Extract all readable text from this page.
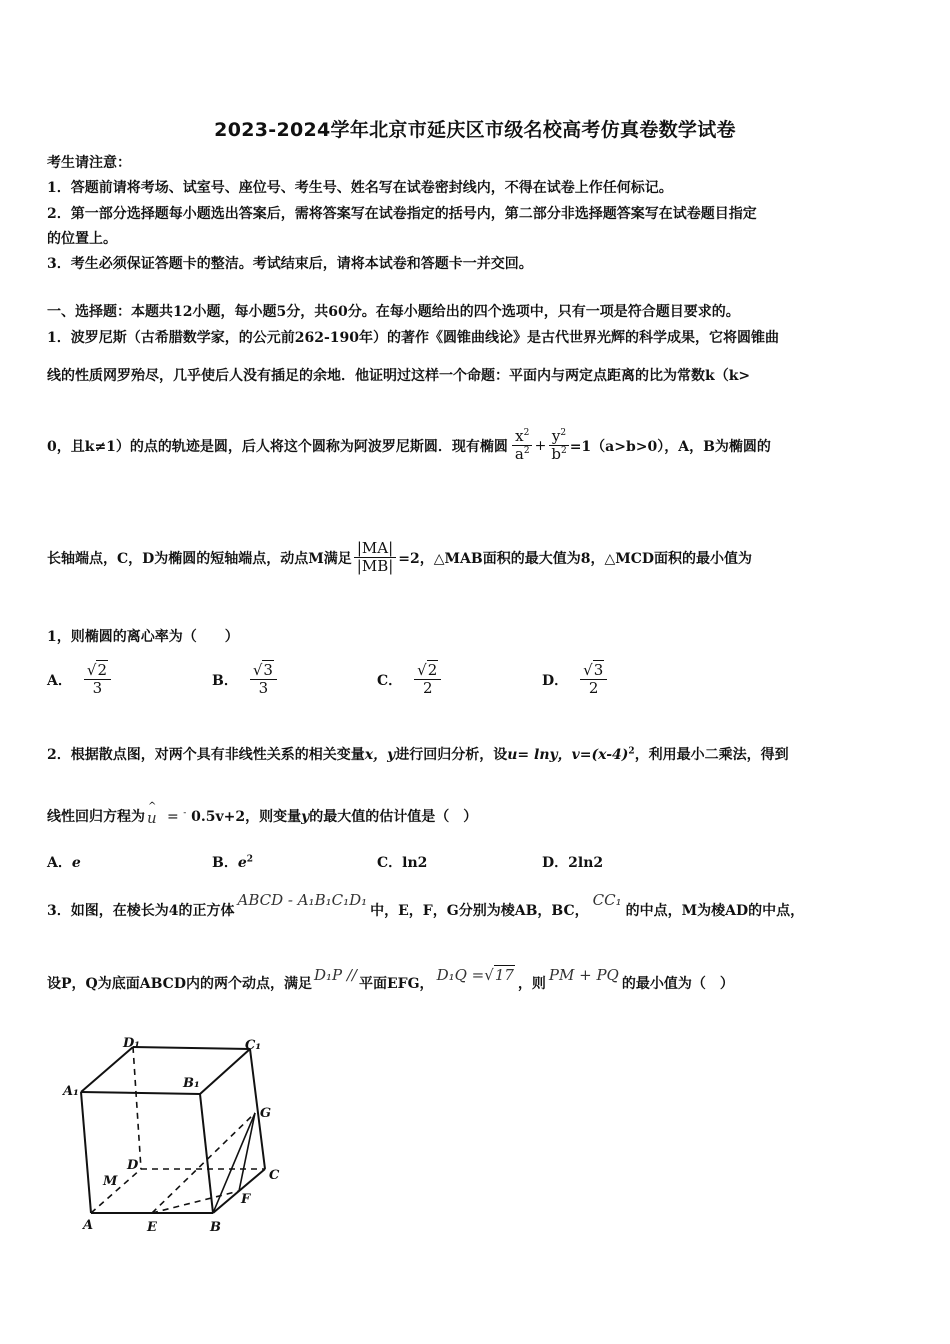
2023-2024学年北京市延庆区市级名校高考仿真卷数学试卷
考生请注意：
1．答题前请将考场、试室号、座位号、考生号、姓名写在试卷密封线内，不得在试卷上作任何标记。
2．第一部分选择题每小题选出答案后，需将答案写在试卷指定的括号内，第二部分非选择题答案写在试卷题目指定
的位置上。
3．考生必须保证答题卡的整洁。考试结束后，请将本试卷和答题卡一并交回。
一、选择题：本题共12小题，每小题5分，共60分。在每小题给出的四个选项中，只有一项是符合题目要求的。
1．波罗尼斯（古希腊数学家，的公元前262-190年）的著作《圆锥曲线论》是古代世界光辉的科学成果，它将圆锥曲
线的性质网罗殆尽，几乎使后人没有插足的余地．他证明过这样一个命题：平面内与两定点距离的比为常数k（k>
0，且k≠1）的点的轨迹是圆，后人将这个圆称为阿波罗尼斯圆．现有椭圆 $\frac{x^2}{a^2} + \frac{y^2}{b^2} =1(a>b>0)$，A，B为椭圆的
长轴端点，C，D为椭圆的短轴端点，动点M满足 $\frac{|MA|}{|MB|} =2$，△MAB面积的最大值为8，△MCD面积的最小值为
1，则椭圆的离心率为（　　）
A． $\frac{√2}{3}$	B． $\frac{√3}{3}$	C． $\frac{√2}{2}$	D． $\frac{√3}{2}$
2．根据散点图，对两个具有非线性关系的相关变量x，y进行回归分析，设u= lny，$v=(x-4)^2$，利用最小二乘法，得到
线性回归方程为 u
^
= - 0.5v+2，则变量y的最大值的估计值是（　）
A．e	B．$e^2$	C．ln2	D．2ln2
3．如图，在棱长为4的正方体ABCD - A₁B₁C₁D₁中，E，F，G分别为棱AB，BC，CC₁的中点，M为棱AD的中点，
设P，Q为底面ABCD内的两个动点，满足 D₁P // 平面EFG， D₁Q =√17 ，则 PM + PQ 的最小值为（　）
A₁
D₁	C₁
B₁
G
D
C
M
F
A	E	B
